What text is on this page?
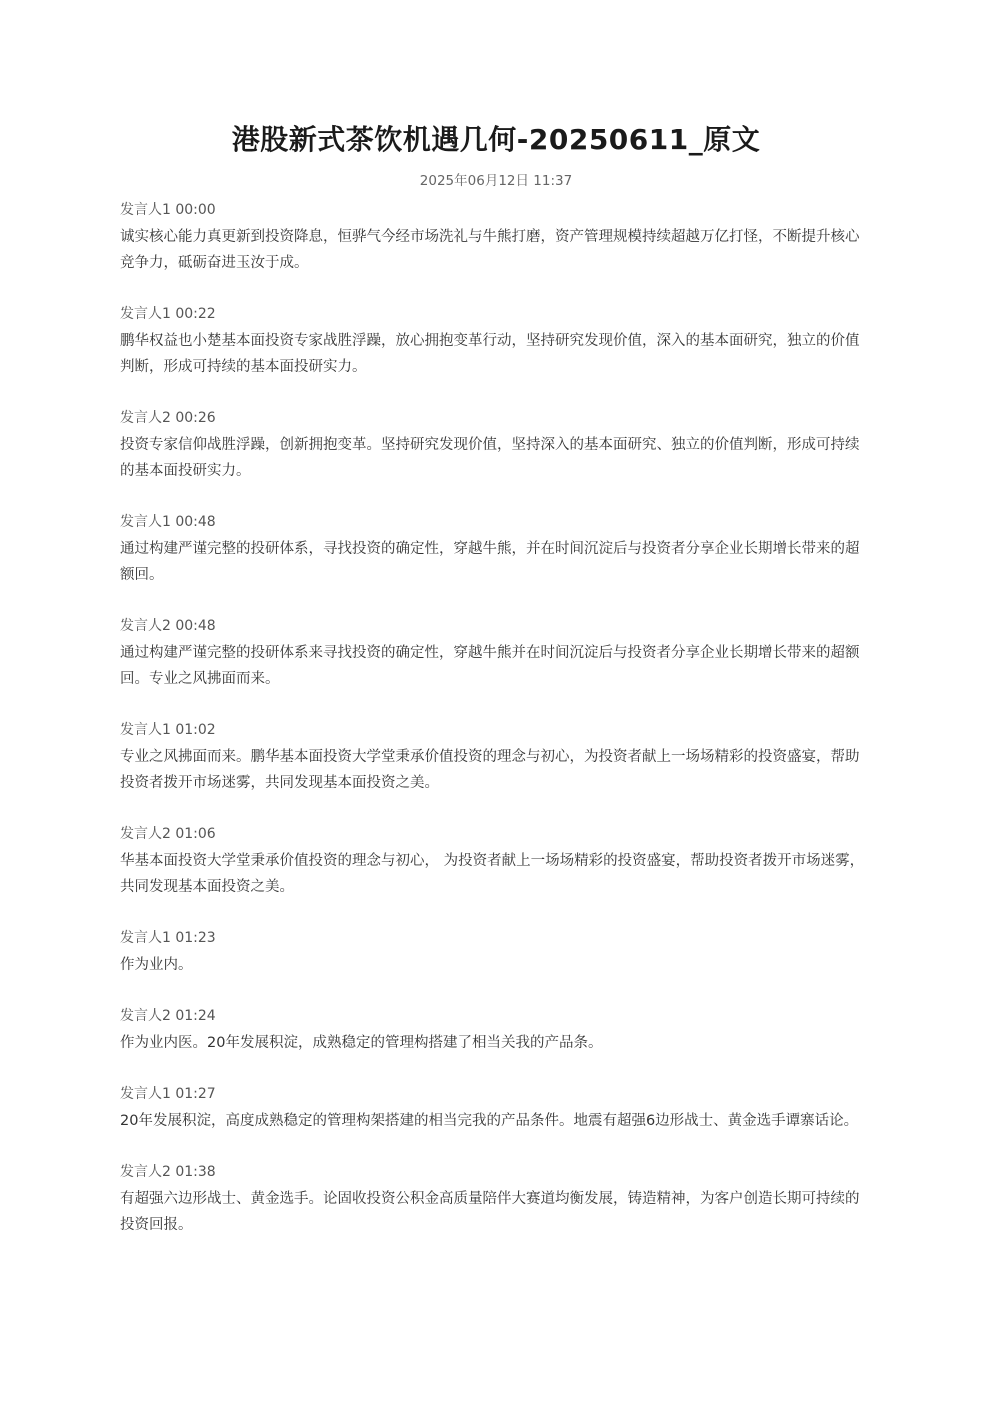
港股新式茶饮机遇几何-20250611_原文
2025年06月12日 11:37
发言人1 00:00

诚实核心能力真更新到投资降息，恒骅气今经市场洗礼与牛熊打磨，资产管理规模持续超越万亿打怪，不断提升核心竞争力，砥砺奋进玉汝于成。

发言人1 00:22

鹏华权益也小楚基本面投资专家战胜浮躁，放心拥抱变革行动，坚持研究发现价值，深入的基本面研究，独立的价值判断，形成可持续的基本面投研实力。

发言人2 00:26

投资专家信仰战胜浮躁，创新拥抱变革。坚持研究发现价值，坚持深入的基本面研究、独立的价值判断，形成可持续的基本面投研实力。

发言人1 00:48

通过构建严谨完整的投研体系，寻找投资的确定性，穿越牛熊，并在时间沉淀后与投资者分享企业长期增长带来的超额回。

发言人2 00:48

通过构建严谨完整的投研体系来寻找投资的确定性，穿越牛熊并在时间沉淀后与投资者分享企业长期增长带来的超额回。专业之风拂面而来。

发言人1 01:02

专业之风拂面而来。鹏华基本面投资大学堂秉承价值投资的理念与初心，为投资者献上一场场精彩的投资盛宴，帮助投资者拨开市场迷雾，共同发现基本面投资之美。

发言人2 01:06

华基本面投资大学堂秉承价值投资的理念与初心， 为投资者献上一场场精彩的投资盛宴，帮助投资者拨开市场迷雾，共同发现基本面投资之美。

发言人1 01:23

作为业内。

发言人2 01:24

作为业内医。20年发展积淀，成熟稳定的管理构搭建了相当关我的产品条。

发言人1 01:27

20年发展积淀，高度成熟稳定的管理构架搭建的相当完我的产品条件。地震有超强6边形战士、黄金选手谭寨话论。

发言人2 01:38

有超强六边形战士、黄金选手。论固收投资公积金高质量陪伴大赛道均衡发展，铸造精神，为客户创造长期可持续的投资回报。
